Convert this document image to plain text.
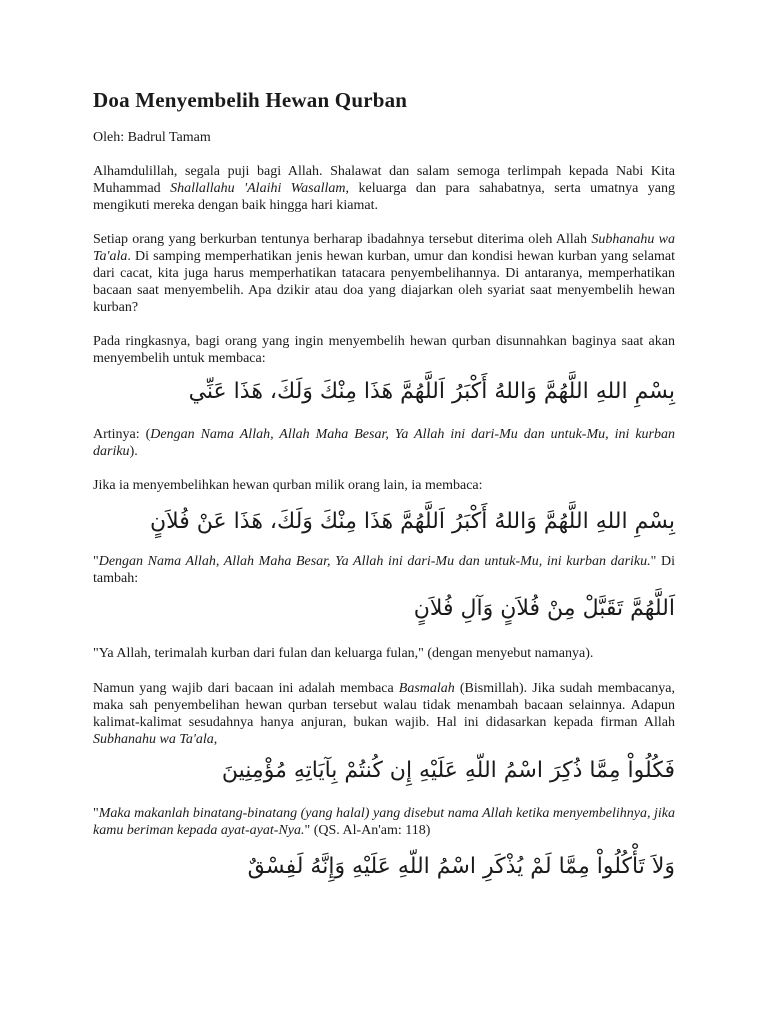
Doa Menyembelih Hewan Qurban

Oleh: Badrul Tamam

Alhamdulillah, segala puji bagi Allah. Shalawat dan salam semoga terlimpah kepada Nabi Kita Muhammad Shallallahu 'Alaihi Wasallam, keluarga dan para sahabatnya, serta umatnya yang mengikuti mereka dengan baik hingga hari kiamat.

Setiap orang yang berkurban tentunya berharap ibadahnya tersebut diterima oleh Allah Subhanahu wa Ta'ala. Di samping memperhatikan jenis hewan kurban, umur dan kondisi hewan kurban yang selamat dari cacat, kita juga harus memperhatikan tatacara penyembelihannya. Di antaranya, memperhatikan bacaan saat menyembelih. Apa dzikir atau doa yang diajarkan oleh syariat saat menyembelih hewan kurban?

Pada ringkasnya, bagi orang yang ingin menyembelih hewan qurban disunnahkan baginya saat akan menyembelih untuk membaca:

بِسْمِ اللهِ اللَّهُمَّ وَاللهُ أَكْبَرُ اَللَّهُمَّ هَذَا مِنْكَ وَلَكَ، هَذَا عَنِّي

Artinya: (Dengan Nama Allah, Allah Maha Besar, Ya Allah ini dari-Mu dan untuk-Mu, ini kurban dariku).

Jika ia menyembelihkan hewan qurban milik orang lain, ia membaca:

بِسْمِ اللهِ اللَّهُمَّ وَاللهُ أَكْبَرُ اَللَّهُمَّ هَذَا مِنْكَ وَلَكَ، هَذَا عَنْ فُلاَنٍ

"Dengan Nama Allah, Allah Maha Besar, Ya Allah ini dari-Mu dan untuk-Mu, ini kurban dariku." Di tambah:

اَللَّهُمَّ تَقَبَّلْ مِنْ فُلاَنٍ وَآلِ فُلاَنٍ

"Ya Allah, terimalah kurban dari fulan dan keluarga fulan," (dengan menyebut namanya).

Namun yang wajib dari bacaan ini adalah membaca Basmalah (Bismillah). Jika sudah membacanya, maka sah penyembelihan hewan qurban tersebut walau tidak menambah bacaan selainnya. Adapun kalimat-kalimat sesudahnya hanya anjuran, bukan wajib. Hal ini didasarkan kepada firman Allah Subhanahu wa Ta'ala,

فَكُلُواْ مِمَّا ذُكِرَ اسْمُ اللّهِ عَلَيْهِ إِن كُنتُمْ بِآيَاتِهِ مُؤْمِنِينَ

"Maka makanlah binatang-binatang (yang halal) yang disebut nama Allah ketika menyembelihnya, jika kamu beriman kepada ayat-ayat-Nya." (QS. Al-An'am: 118)

وَلاَ تَأْكُلُواْ مِمَّا لَمْ يُذْكَرِ اسْمُ اللّهِ عَلَيْهِ وَإِنَّهُ لَفِسْقٌ
